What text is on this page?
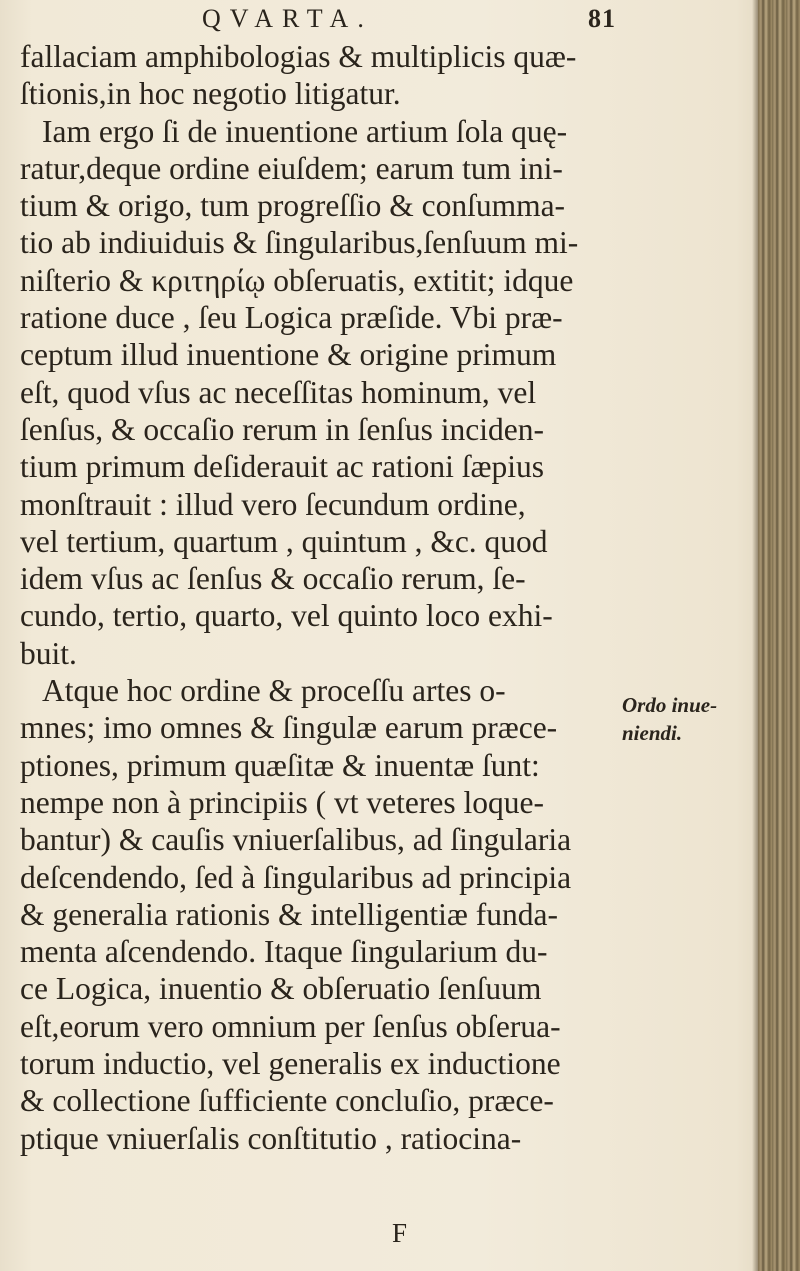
QVARTA.	81
fallaciam amphibologias & multiplicis quæ-
ſtionis,in hoc negotio litigatur.
Iam ergo ſi de inuentione artium ſola quę-
ratur,deque ordine eiuſdem; earum tum ini-
tium & origo, tum progreſſio & conſumma-
tio ab indiuiduis & ſingularibus,ſenſuum mi-
niſterio & κριτηρίῳ obſeruatis, extitit; idque
ratione duce , ſeu Logica præſide. Vbi præ-
ceptum illud inuentione & origine primum
eſt, quod vſus ac neceſſitas hominum, vel
ſenſus, & occaſio rerum in ſenſus inciden-
tium primum deſiderauit ac rationi ſæpius
monſtrauit : illud vero ſecundum ordine,
vel tertium, quartum , quintum , &c. quod
idem vſus ac ſenſus & occaſio rerum, ſe-
cundo, tertio, quarto, vel quinto loco exhi-
buit.
Atque hoc ordine & proceſſu artes o-
mnes; imo omnes & ſingulæ earum præce-
ptiones, primum quæſitæ & inuentæ ſunt:
nempe non à principiis ( vt veteres loque-
bantur) & cauſis vniuerſalibus, ad ſingularia
deſcendendo, ſed à ſingularibus ad principia
& generalia rationis & intelligentiæ funda-
menta aſcendendo. Itaque ſingularium du-
ce Logica, inuentio & obſeruatio ſenſuum
eſt,eorum vero omnium per ſenſus obſerua-
torum inductio, vel generalis ex inductione
& collectione ſufficiente concluſio, præce-
ptique vniuerſalis conſtitutio , ratiocina-
Ordo inue-
niendi.
F
